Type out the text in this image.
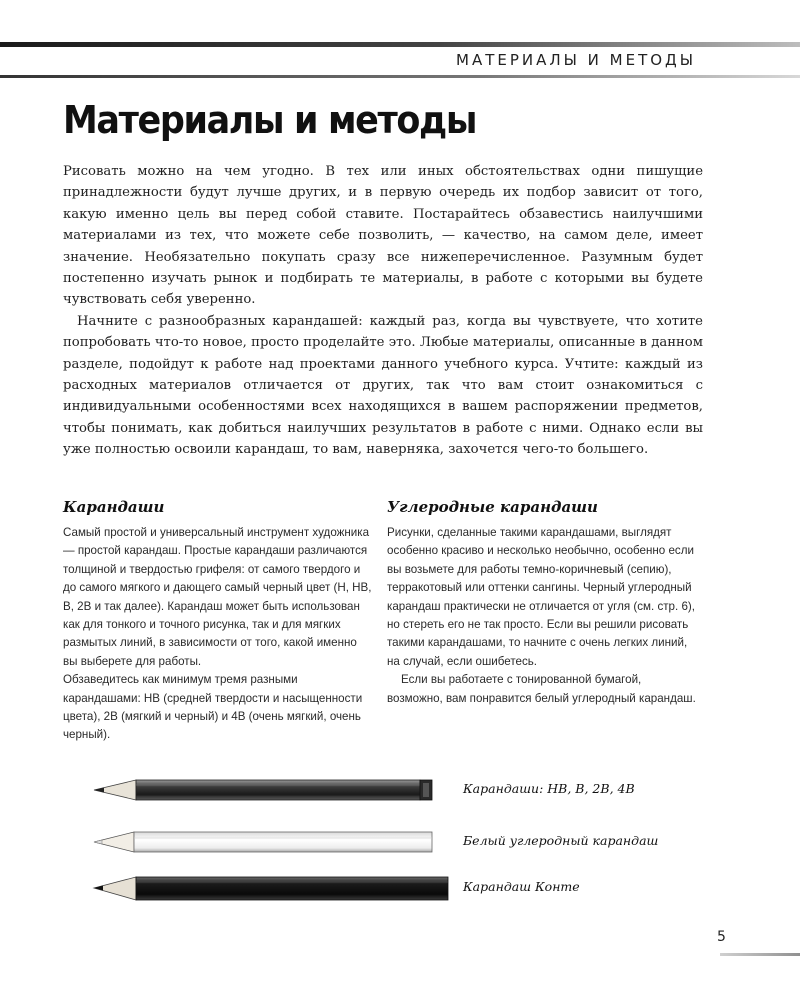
МАТЕРИАЛЫ И МЕТОДЫ
Материалы и методы

Рисовать можно на чем угодно. В тех или иных обстоятельствах одни пишущие принадлежности будут лучше других, и в первую очередь их подбор зависит от того, какую именно цель вы перед собой ставите. Постарайтесь обзавестись наилучшими материалами из тех, что можете себе позволить, — качество, на самом деле, имеет значение. Необязательно покупать сразу все нижеперечисленное. Разумным будет постепенно изучать рынок и подбирать те материалы, в работе с которыми вы будете чувствовать себя уверенно.

Начните с разнообразных карандашей: каждый раз, когда вы чувствуете, что хотите попробовать что-то новое, просто проделайте это. Любые материалы, описанные в данном разделе, подойдут к работе над проектами данного учебного курса. Учтите: каждый из расходных материалов отличается от других, так что вам стоит ознакомиться с индивидуальными особенностями всех находящихся в вашем распоряжении предметов, чтобы понимать, как добиться наилучших результатов в работе с ними. Однако если вы уже полностью освоили карандаш, то вам, наверняка, захочется чего-то большего.

Карандаши

Самый простой и универсальный инструмент художника — простой карандаш. Простые карандаши различаются толщиной и твердостью грифеля: от самого твердого и до самого мягкого и дающего самый черный цвет (H, HB, B, 2B и так далее). Карандаш может быть использован как для тонкого и точного рисунка, так и для мягких размытых линий, в зависимости от того, какой именно вы выберете для работы.

Обзаведитесь как минимум тремя разными карандашами: HB (средней твердости и насыщенности цвета), 2B (мягкий и черный) и 4B (очень мягкий, очень черный).

Углеродные карандаши

Рисунки, сделанные такими карандашами, выглядят особенно красиво и несколько необычно, особенно если вы возьмете для работы темно-коричневый (сепию), терракотовый или оттенки сангины. Черный углеродный карандаш практически не отличается от угля (см. стр. 6), но стереть его не так просто. Если вы решили рисовать такими карандашами, то начните с очень легких линий, на случай, если ошибетесь.

Если вы работаете с тонированной бумагой, возможно, вам понравится белый углеродный карандаш.

Карандаши: HB, B, 2B, 4B
Белый углеродный карандаш
Карандаш Конте
5
